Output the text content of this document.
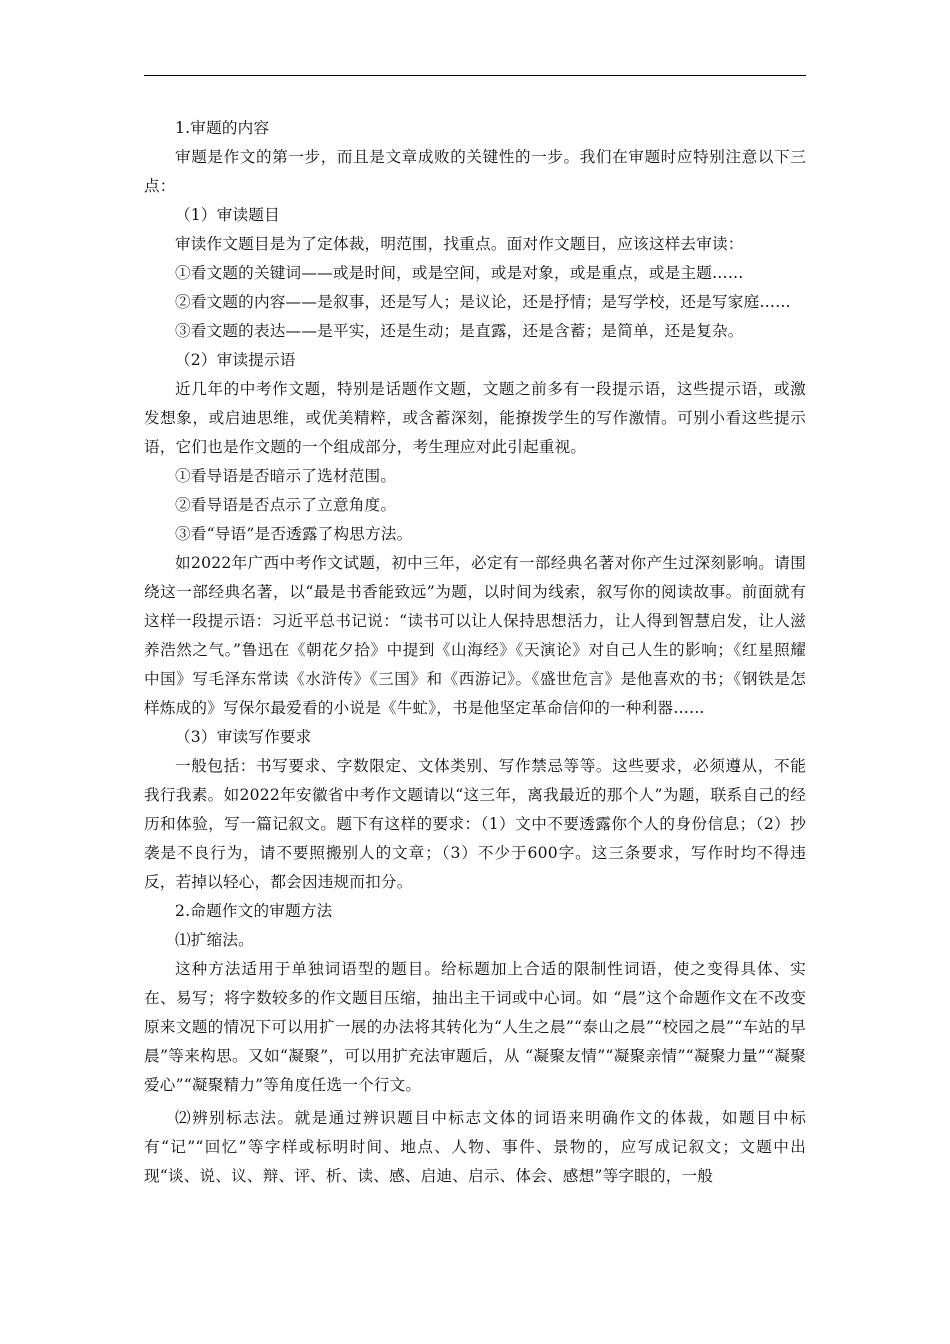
1.审题的内容

审题是作文的第一步，而且是文章成败的关键性的一步。我们在审题时应特别注意以下三点：

（1）审读题目

审读作文题目是为了定体裁，明范围，找重点。面对作文题目，应该这样去审读：

①看文题的关键词——或是时间，或是空间，或是对象，或是重点，或是主题……

②看文题的内容——是叙事，还是写人；是议论，还是抒情；是写学校，还是写家庭……

③看文题的表达——是平实，还是生动；是直露，还是含蓄；是简单，还是复杂。

（2）审读提示语

近几年的中考作文题，特别是话题作文题，文题之前多有一段提示语，这些提示语，或激发想象，或启迪思维，或优美精粹，或含蓄深刻，能撩拨学生的写作激情。可别小看这些提示语，它们也是作文题的一个组成部分，考生理应对此引起重视。

①看导语是否暗示了选材范围。

②看导语是否点示了立意角度。

③看“导语”是否透露了构思方法。

如2022年广西中考作文试题，初中三年，必定有一部经典名著对你产生过深刻影响。请围绕这一部经典名著，以“最是书香能致远”为题，以时间为线索，叙写你的阅读故事。前面就有这样一段提示语：习近平总书记说：“读书可以让人保持思想活力，让人得到智慧启发，让人滋养浩然之气。”鲁迅在《朝花夕拾》中提到《山海经》《天演论》对自己人生的影响；《红星照耀中国》写毛泽东常读《水浒传》《三国》和《西游记》。《盛世危言》是他喜欢的书；《钢铁是怎样炼成的》写保尔最爱看的小说是《牛虻》，书是他坚定革命信仰的一种利器……

（3）审读写作要求

一般包括：书写要求、字数限定、文体类别、写作禁忌等等。这些要求，必须遵从，不能我行我素。如2022年安徽省中考作文题请以“这三年，离我最近的那个人”为题，联系自己的经历和体验，写一篇记叙文。题下有这样的要求：（1）文中不要透露你个人的身份信息；（2）抄袭是不良行为，请不要照搬别人的文章；（3）不少于600字。这三条要求，写作时均不得违反，若掉以轻心，都会因违规而扣分。

2.命题作文的审题方法

⑴扩缩法。

这种方法适用于单独词语型的题目。给标题加上合适的限制性词语，使之变得具体、实在、易写；将字数较多的作文题目压缩，抽出主干词或中心词。如 “晨”这个命题作文在不改变原来文题的情况下可以用扩一展的办法将其转化为“人生之晨”“泰山之晨”“校园之晨”“车站的早晨”等来构思。又如“凝聚”，可以用扩充法审题后，从 “凝聚友情”“凝聚亲情”“凝聚力量”“凝聚爱心”“凝聚精力”等角度任选一个行文。

⑵辨别标志法。就是通过辨识题目中标志文体的词语来明确作文的体裁，如题目中标有“记”“回忆”等字样或标明时间、地点、人物、事件、景物的，应写成记叙文；文题中出现“谈、说、议、辩、评、析、读、感、启迪、启示、体会、感想”等字眼的，一般
